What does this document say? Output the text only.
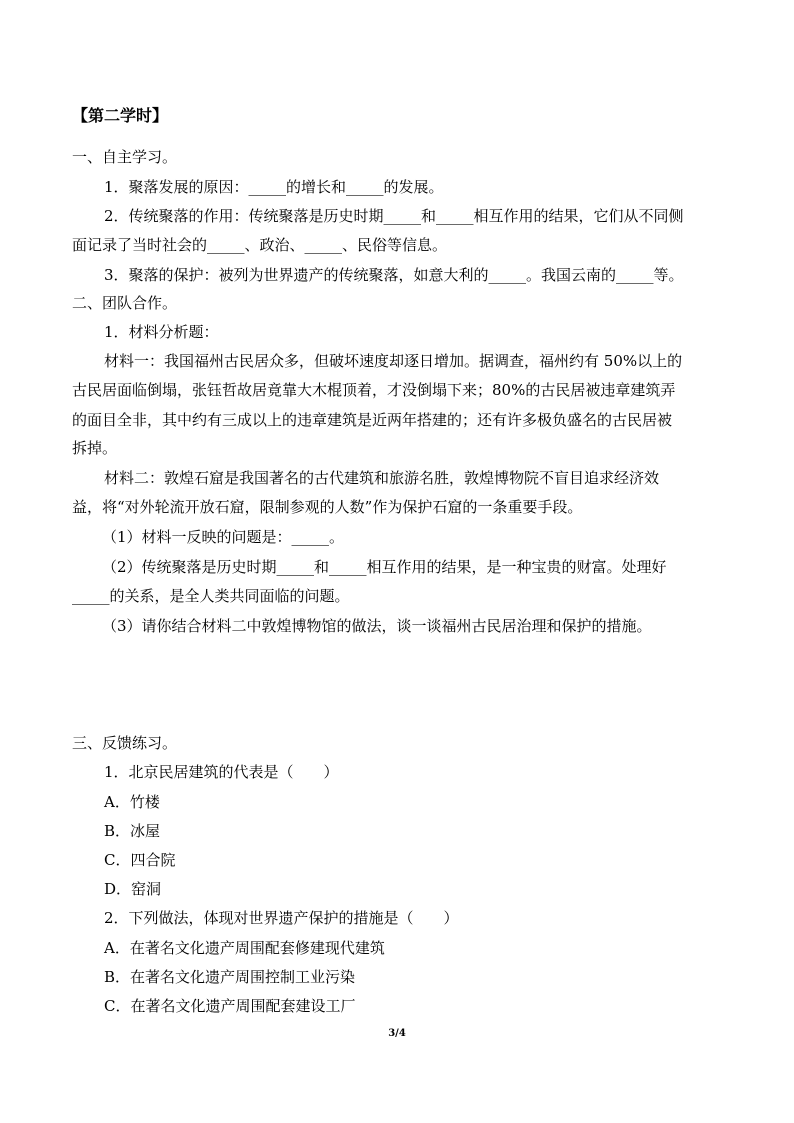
【第二学时】
一、自主学习。
1．聚落发展的原因：_____的增长和_____的发展。
2．传统聚落的作用：传统聚落是历史时期_____和_____相互作用的结果，它们从不同侧
面记录了当时社会的_____、政治、_____、民俗等信息。
3．聚落的保护：被列为世界遗产的传统聚落，如意大利的_____。我国云南的_____等。
二、团队合作。
1．材料分析题：
材料一：我国福州古民居众多，但破坏速度却逐日增加。据调查，福州约有 50%以上的
古民居面临倒塌，张钰哲故居竟靠大木棍顶着，才没倒塌下来；80%的古民居被违章建筑弄
的面目全非，其中约有三成以上的违章建筑是近两年搭建的；还有许多极负盛名的古民居被
拆掉。
材料二：敦煌石窟是我国著名的古代建筑和旅游名胜，敦煌博物院不盲目追求经济效
益，将“对外轮流开放石窟，限制参观的人数”作为保护石窟的一条重要手段。
（1）材料一反映的问题是：_____。
（2）传统聚落是历史时期_____和_____相互作用的结果，是一种宝贵的财富。处理好
_____的关系，是全人类共同面临的问题。
（3）请你结合材料二中敦煌博物馆的做法，谈一谈福州古民居治理和保护的措施。
三、反馈练习。
1．北京民居建筑的代表是（　　）
A．竹楼
B．冰屋
C．四合院
D．窑洞
2．下列做法，体现对世界遗产保护的措施是（　　）
A．在著名文化遗产周围配套修建现代建筑
B．在著名文化遗产周围控制工业污染
C．在著名文化遗产周围配套建设工厂
3/4
